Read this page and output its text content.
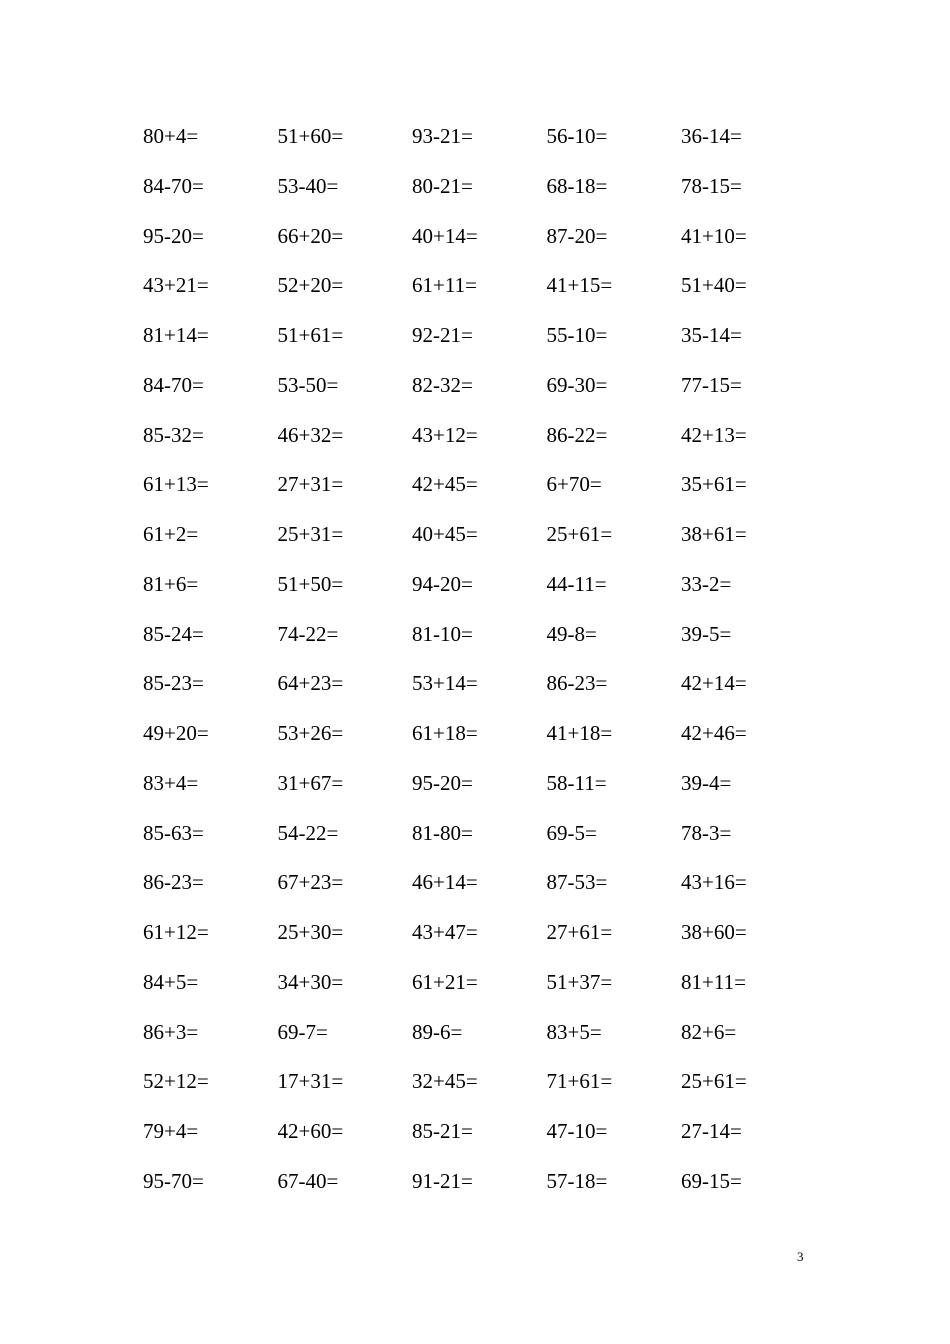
80+4=	51+60=	93-21=	56-10=	36-14=
84-70=	53-40=	80-21=	68-18=	78-15=
95-20=	66+20=	40+14=	87-20=	41+10=
43+21=	52+20=	61+11=	41+15=	51+40=
81+14=	51+61=	92-21=	55-10=	35-14=
84-70=	53-50=	82-32=	69-30=	77-15=
85-32=	46+32=	43+12=	86-22=	42+13=
61+13=	27+31=	42+45=	6+70=	35+61=
61+2=	25+31=	40+45=	25+61=	38+61=
81+6=	51+50=	94-20=	44-11=	33-2=
85-24=	74-22=	81-10=	49-8=	39-5=
85-23=	64+23=	53+14=	86-23=	42+14=
49+20=	53+26=	61+18=	41+18=	42+46=
83+4=	31+67=	95-20=	58-11=	39-4=
85-63=	54-22=	81-80=	69-5=	78-3=
86-23=	67+23=	46+14=	87-53=	43+16=
61+12=	25+30=	43+47=	27+61=	38+60=
84+5=	34+30=	61+21=	51+37=	81+11=
86+3=	69-7=	89-6=	83+5=	82+6=
52+12=	17+31=	32+45=	71+61=	25+61=
79+4=	42+60=	85-21=	47-10=	27-14=
95-70=	67-40=	91-21=	57-18=	69-15=
3
